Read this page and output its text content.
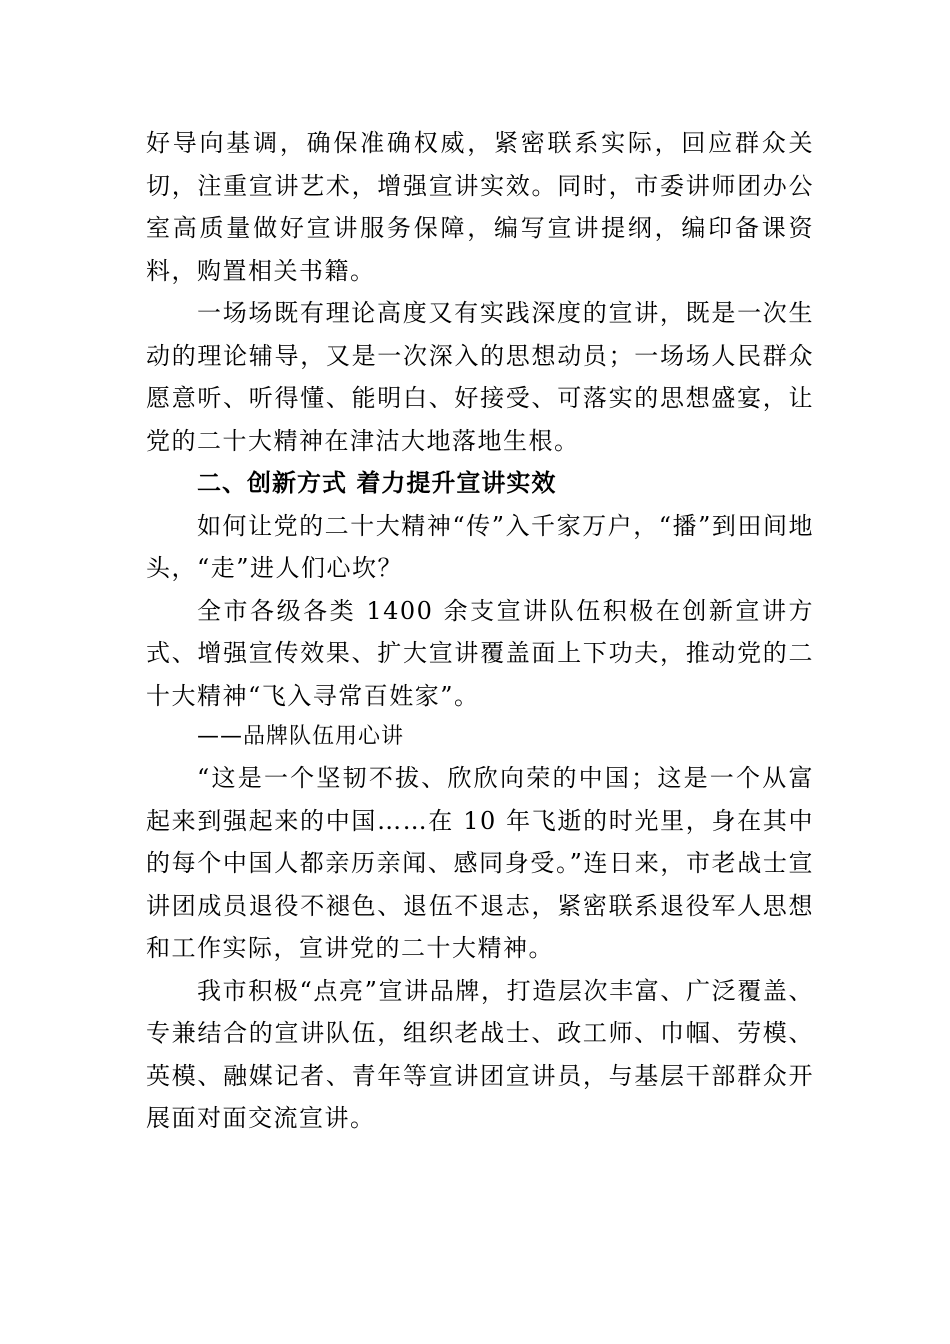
好导向基调，确保准确权威，紧密联系实际，回应群众关切，注重宣讲艺术，增强宣讲实效。同时，市委讲师团办公室高质量做好宣讲服务保障，编写宣讲提纲，编印备课资料，购置相关书籍。

一场场既有理论高度又有实践深度的宣讲，既是一次生动的理论辅导，又是一次深入的思想动员；一场场人民群众愿意听、听得懂、能明白、好接受、可落实的思想盛宴，让党的二十大精神在津沽大地落地生根。

二、创新方式 着力提升宣讲实效

如何让党的二十大精神“传”入千家万户，“播”到田间地头，“走”进人们心坎？

全市各级各类 1400 余支宣讲队伍积极在创新宣讲方式、增强宣传效果、扩大宣讲覆盖面上下功夫，推动党的二十大精神“飞入寻常百姓家”。

——品牌队伍用心讲

“这是一个坚韧不拔、欣欣向荣的中国；这是一个从富起来到强起来的中国……在 10 年飞逝的时光里，身在其中的每个中国人都亲历亲闻、感同身受。”连日来，市老战士宣讲团成员退役不褪色、退伍不退志，紧密联系退役军人思想和工作实际，宣讲党的二十大精神。

我市积极“点亮”宣讲品牌，打造层次丰富、广泛覆盖、专兼结合的宣讲队伍，组织老战士、政工师、巾帼、劳模、 英模、融媒记者、青年等宣讲团宣讲员，与基层干部群众开展面对面交流宣讲。
